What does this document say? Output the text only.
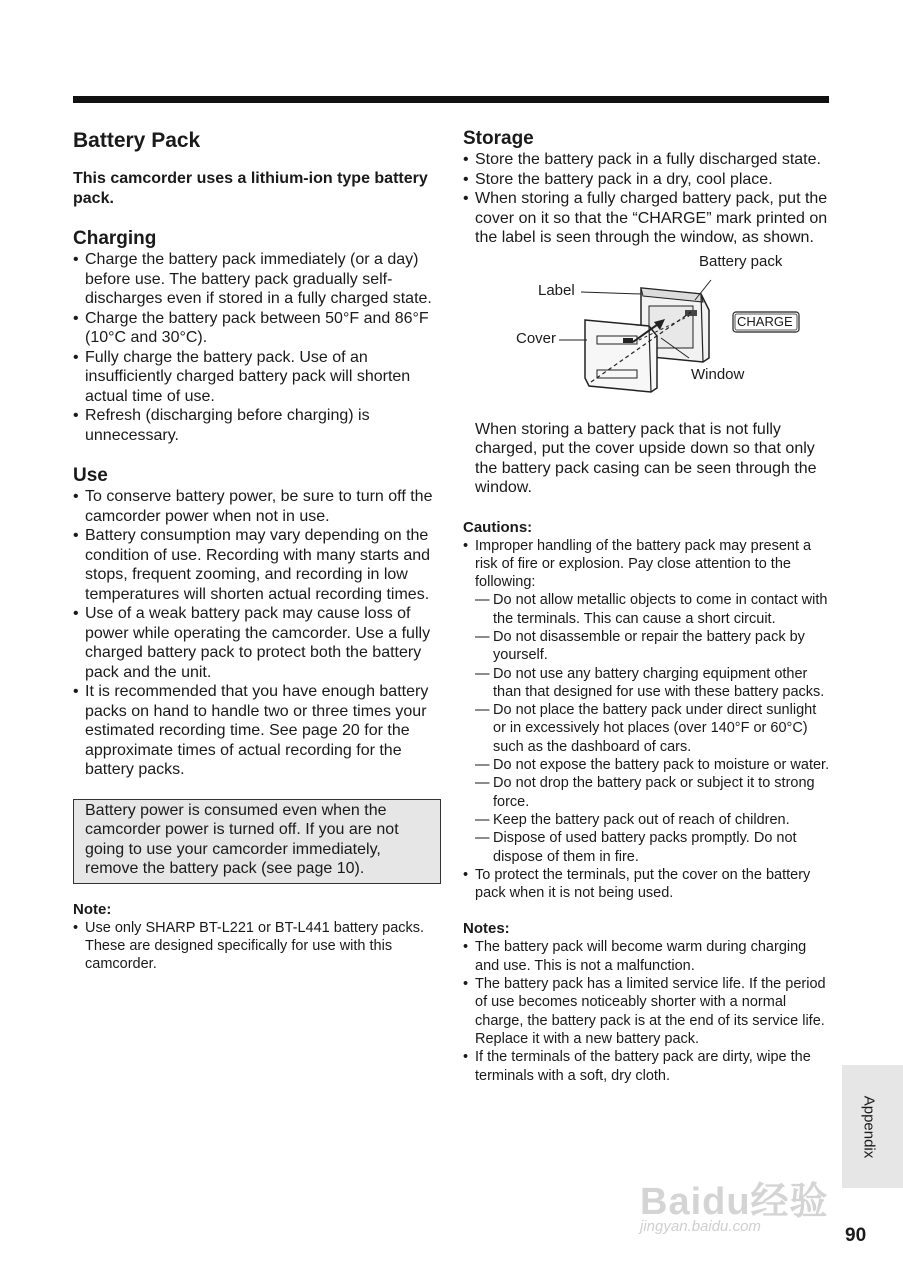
Battery Pack

This camcorder uses a lithium-ion type battery pack.

Charging
• Charge the battery pack immediately (or a day) before use. The battery pack gradually self-discharges even if stored in a fully charged state.
• Charge the battery pack between 50°F and 86°F (10°C and 30°C).
• Fully charge the battery pack. Use of an insufficiently charged battery pack will shorten actual time of use.
• Refresh (discharging before charging) is unnecessary.
Use
• To conserve battery power, be sure to turn off the camcorder power when not in use.
• Battery consumption may vary depending on the condition of use. Recording with many starts and stops, frequent zooming, and recording in low temperatures will shorten actual recording times.
• Use of a weak battery pack may cause loss of power while operating the camcorder. Use a fully charged battery pack to protect both the battery pack and the unit.
• It is recommended that you have enough battery packs on hand to handle two or three times your estimated recording time. See page 20 for the approximate times of actual recording for the battery packs.
Battery power is consumed even when the camcorder power is turned off. If you are not going to use your camcorder immediately, remove the battery pack (see page 10).

Note:

• Use only SHARP BT-L221 or BT-L441 battery packs. These are designed specifically for use with this camcorder.
Storage
• Store the battery pack in a fully discharged state.
• Store the battery pack in a dry, cool place.
• When storing a fully charged battery pack, put the cover on it so that the “CHARGE” mark printed on the label is seen through the window, as shown.
Battery pack
Label
Cover
Window
CHARGE

When storing a battery pack that is not fully charged, put the cover upside down so that only the battery pack casing can be seen through the window.

Cautions:

• Improper handling of the battery pack may present a risk of fire or explosion. Pay close attention to the following:
— Do not allow metallic objects to come in contact with the terminals. This can cause a short circuit.
— Do not disassemble or repair the battery pack by yourself.
— Do not use any battery charging equipment other than that designed for use with these battery packs.
— Do not place the battery pack under direct sunlight or in excessively hot places (over 140°F or 60°C) such as the dashboard of cars.
— Do not expose the battery pack to moisture or water.
— Do not drop the battery pack or subject it to strong force.
— Keep the battery pack out of reach of children.
— Dispose of used battery packs promptly. Do not dispose of them in fire.
• To protect the terminals, put the cover on the battery pack when it is not being used.

Notes:

• The battery pack will become warm during charging and use. This is not a malfunction.
• The battery pack has a limited service life. If the period of use becomes noticeably shorter with a normal charge, the battery pack is at the end of its service life. Replace it with a new battery pack.
• If the terminals of the battery pack are dirty, wipe the terminals with a soft, dry cloth.
Appendix
90
Baidu经验
jingyan.baidu.com
